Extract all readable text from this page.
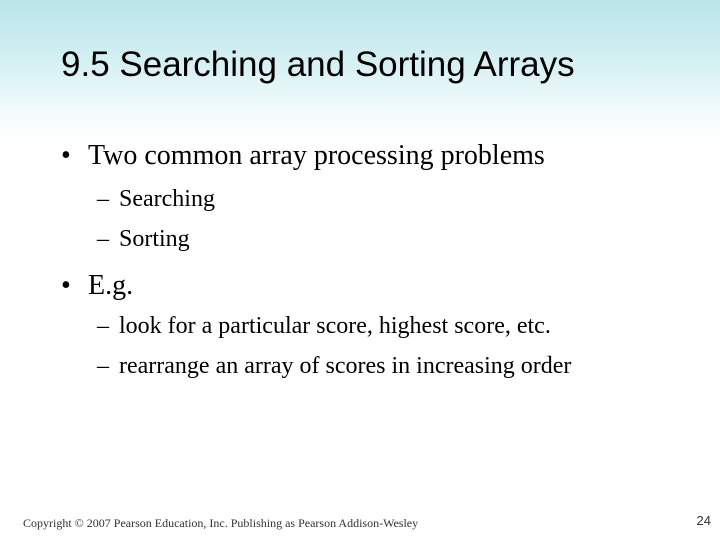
9.5 Searching and Sorting Arrays
• Two common array processing problems
– Searching
– Sorting
• E.g.
– look for a particular score, highest score, etc.
– rearrange an array of scores in increasing order
Copyright © 2007 Pearson Education, Inc. Publishing as Pearson Addison-Wesley	24
